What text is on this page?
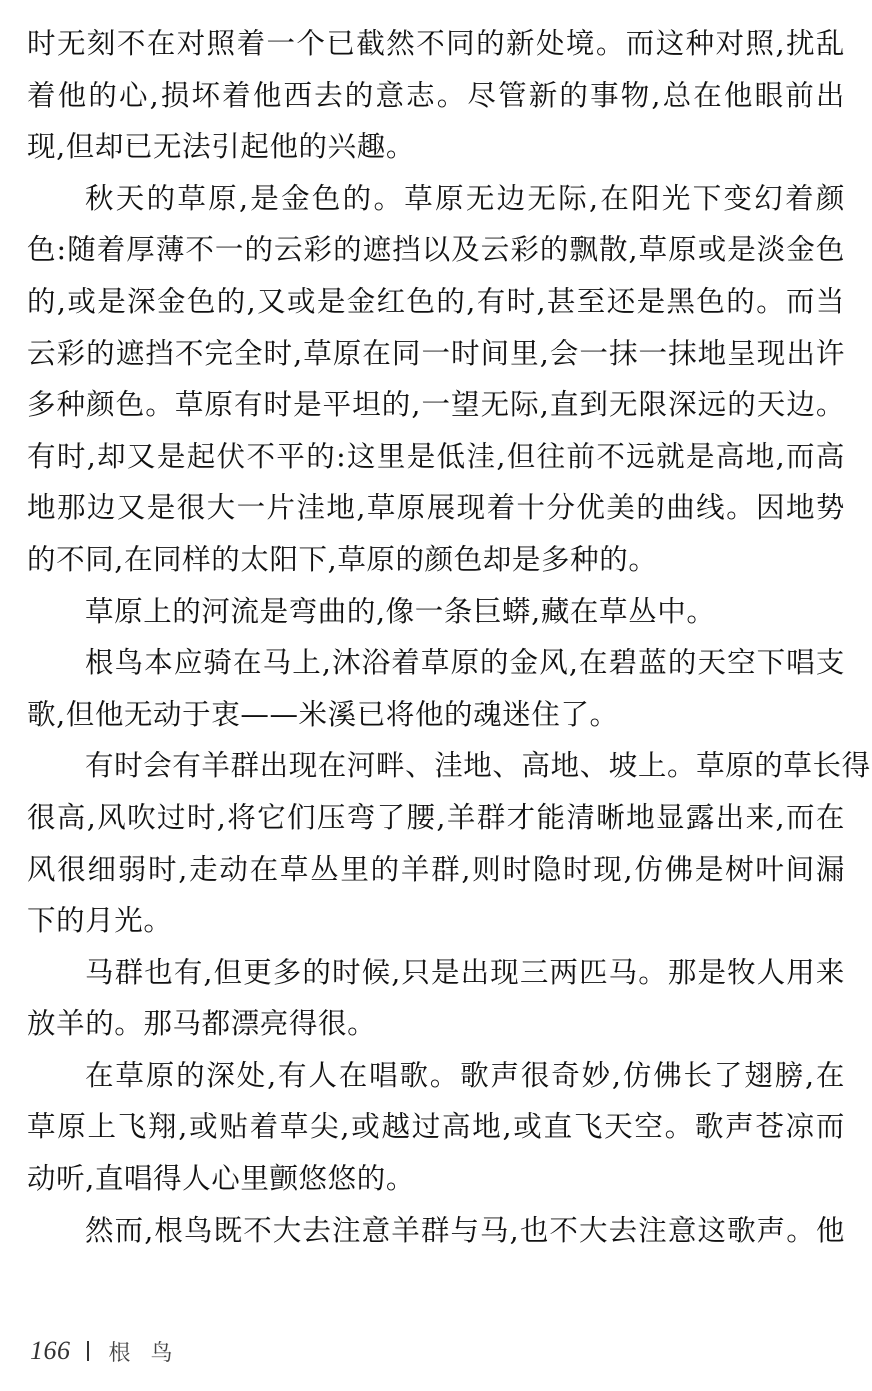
时无刻不在对照着一个已截然不同的新处境。而这种对照,扰乱
着他的心,损坏着他西去的意志。尽管新的事物,总在他眼前出
现,但却已无法引起他的兴趣。
秋天的草原,是金色的。草原无边无际,在阳光下变幻着颜
色:随着厚薄不一的云彩的遮挡以及云彩的飘散,草原或是淡金色
的,或是深金色的,又或是金红色的,有时,甚至还是黑色的。而当
云彩的遮挡不完全时,草原在同一时间里,会一抹一抹地呈现出许
多种颜色。草原有时是平坦的,一望无际,直到无限深远的天边。
有时,却又是起伏不平的:这里是低洼,但往前不远就是高地,而高
地那边又是很大一片洼地,草原展现着十分优美的曲线。因地势
的不同,在同样的太阳下,草原的颜色却是多种的。
草原上的河流是弯曲的,像一条巨蟒,藏在草丛中。
根鸟本应骑在马上,沐浴着草原的金风,在碧蓝的天空下唱支
歌,但他无动于衷——米溪已将他的魂迷住了。
有时会有羊群出现在河畔、洼地、高地、坡上。草原的草长得
很高,风吹过时,将它们压弯了腰,羊群才能清晰地显露出来,而在
风很细弱时,走动在草丛里的羊群,则时隐时现,仿佛是树叶间漏
下的月光。
马群也有,但更多的时候,只是出现三两匹马。那是牧人用来
放羊的。那马都漂亮得很。
在草原的深处,有人在唱歌。歌声很奇妙,仿佛长了翅膀,在
草原上飞翔,或贴着草尖,或越过高地,或直飞天空。歌声苍凉而
动听,直唱得人心里颤悠悠的。
然而,根鸟既不大去注意羊群与马,也不大去注意这歌声。他
166 根鸟
